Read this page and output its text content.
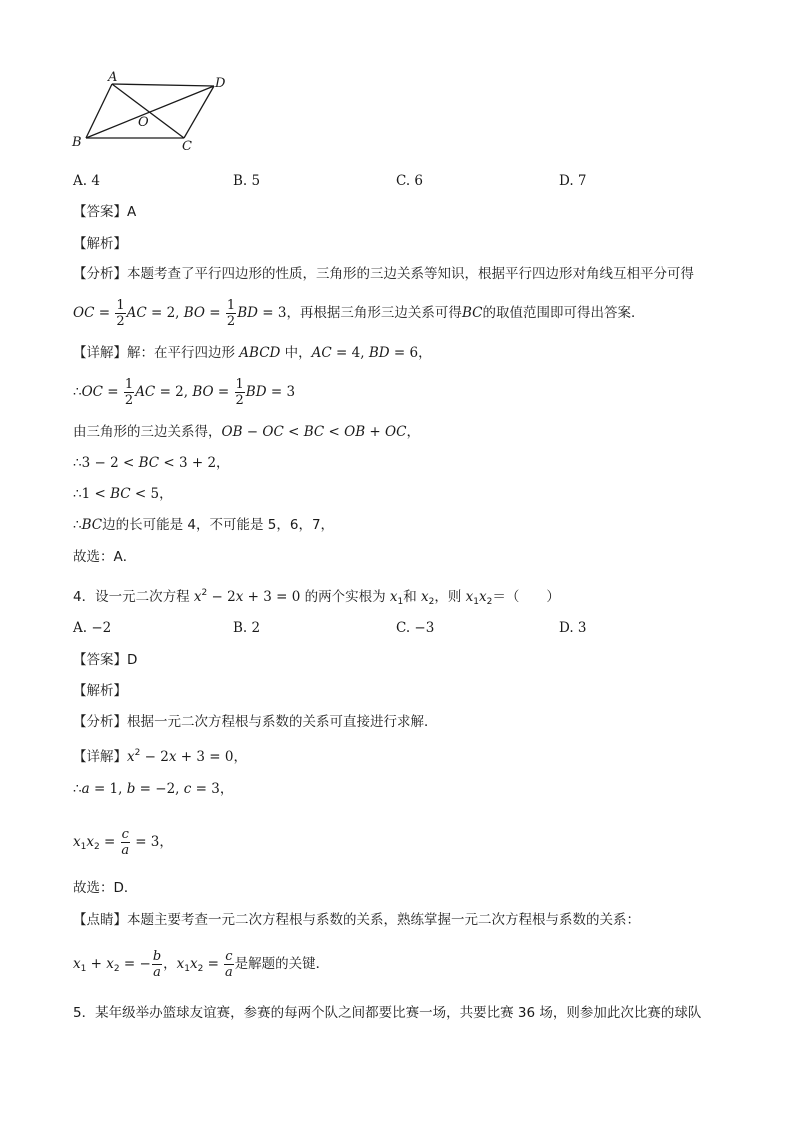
A	D
O
B	C
A. 4	B. 5	C. 6	D. 7
【答案】A
【解析】
【分析】本题考查了平行四边形的性质，三角形的三边关系等知识，根据平行四边形对角线互相平分可得
OC = $\frac{1}{2}$ AC = 2, BO = $\frac{1}{2}$ BD = 3，再根据三角形三边关系可得BC的取值范围即可得出答案．
【详解】解：在平行四边形 ABCD 中，AC = 4, BD = 6，
∴OC = $\frac{1}{2}$ AC = 2, BO = $\frac{1}{2}$ BD = 3
由三角形的三边关系得，OB − OC < BC < OB + OC，
∴3 − 2 < BC < 3 + 2，
∴1 < BC < 5，
∴BC边的长可能是 4，不可能是 5，6，7，
故选：A．
4．设一元二次方程 $x^2 - 2x + 3 = 0$ 的两个实根为 $x_1$和 $x_2$，则 $x_1x_2=$（　　）
A. −2	B. 2	C. −3	D. 3
【答案】D
【解析】
【分析】根据一元二次方程根与系数的关系可直接进行求解．
【详解】$x^2 - 2x + 3 = 0$，
∴a = 1, b = −2, c = 3，
$x_1x_2 = \frac{c}{a} = 3$，
故选：D．
【点睛】本题主要考查一元二次方程根与系数的关系，熟练掌握一元二次方程根与系数的关系：
$x_1 + x_2$ = − $\frac{b}{a}$ ，$x_1x_2 = \frac{c}{a}$ 是解题的关键．
5．某年级举办篮球友谊赛，参赛的每两个队之间都要比赛一场，共要比赛 36 场，则参加此次比赛的球队
